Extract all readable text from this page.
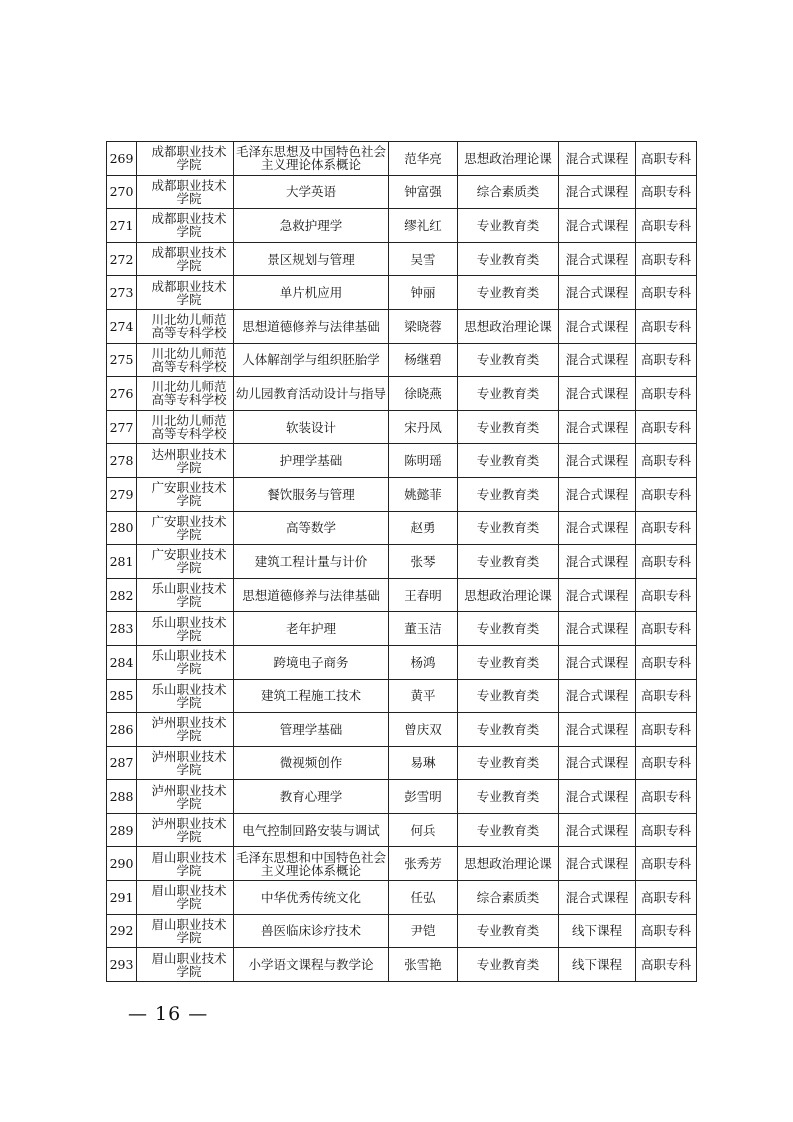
269	成都职业技术学院	毛泽东思想及中国特色社会主义理论体系概论	范华亮	思想政治理论课	混合式课程	高职专科
270	成都职业技术学院	大学英语	钟富强	综合素质类	混合式课程	高职专科
271	成都职业技术学院	急救护理学	缪礼红	专业教育类	混合式课程	高职专科
272	成都职业技术学院	景区规划与管理	吴雪	专业教育类	混合式课程	高职专科
273	成都职业技术学院	单片机应用	钟丽	专业教育类	混合式课程	高职专科
274	川北幼儿师范高等专科学校	思想道德修养与法律基础	梁晓蓉	思想政治理论课	混合式课程	高职专科
275	川北幼儿师范高等专科学校	人体解剖学与组织胚胎学	杨继碧	专业教育类	混合式课程	高职专科
276	川北幼儿师范高等专科学校	幼儿园教育活动设计与指导	徐晓燕	专业教育类	混合式课程	高职专科
277	川北幼儿师范高等专科学校	软装设计	宋丹凤	专业教育类	混合式课程	高职专科
278	达州职业技术学院	护理学基础	陈明瑶	专业教育类	混合式课程	高职专科
279	广安职业技术学院	餐饮服务与管理	姚懿菲	专业教育类	混合式课程	高职专科
280	广安职业技术学院	高等数学	赵勇	专业教育类	混合式课程	高职专科
281	广安职业技术学院	建筑工程计量与计价	张琴	专业教育类	混合式课程	高职专科
282	乐山职业技术学院	思想道德修养与法律基础	王春明	思想政治理论课	混合式课程	高职专科
283	乐山职业技术学院	老年护理	董玉洁	专业教育类	混合式课程	高职专科
284	乐山职业技术学院	跨境电子商务	杨鸿	专业教育类	混合式课程	高职专科
285	乐山职业技术学院	建筑工程施工技术	黄平	专业教育类	混合式课程	高职专科
286	泸州职业技术学院	管理学基础	曾庆双	专业教育类	混合式课程	高职专科
287	泸州职业技术学院	微视频创作	易琳	专业教育类	混合式课程	高职专科
288	泸州职业技术学院	教育心理学	彭雪明	专业教育类	混合式课程	高职专科
289	泸州职业技术学院	电气控制回路安装与调试	何兵	专业教育类	混合式课程	高职专科
290	眉山职业技术学院	毛泽东思想和中国特色社会主义理论体系概论	张秀芳	思想政治理论课	混合式课程	高职专科
291	眉山职业技术学院	中华优秀传统文化	任弘	综合素质类	混合式课程	高职专科
292	眉山职业技术学院	兽医临床诊疗技术	尹铠	专业教育类	线下课程	高职专科
293	眉山职业技术学院	小学语文课程与教学论	张雪艳	专业教育类	线下课程	高职专科
— 16 —
